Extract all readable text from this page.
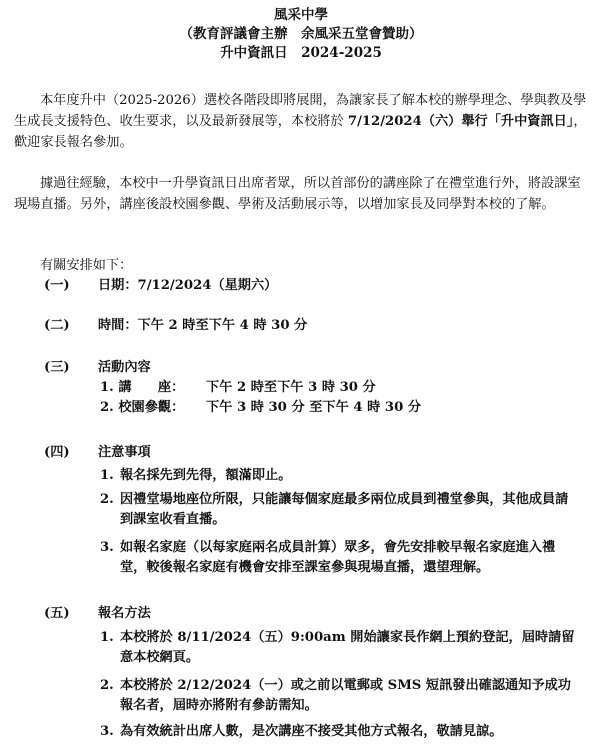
風采中學
（教育評議會主辦　余風采五堂會贊助）
升中資訊日　2024-2025

本年度升中（2025-2026）選校各階段即將展開，為讓家長了解本校的辦學理念、學與教及學生成長支援特色、收生要求，以及最新發展等，本校將於 7/12/2024（六）舉行「升中資訊日」，歡迎家長報名參加。

據過往經驗，本校中一升學資訊日出席者眾，所以首部份的講座除了在禮堂進行外，將設課室現場直播。另外，講座後設校園參觀、學術及活動展示等，以增加家長及同學對本校的了解。

有關安排如下：
(一) 日期：7/12/2024（星期六）
(二) 時間：下午 2 時至下午 4 時 30 分
(三) 活動內容
1. 講　　座： 下午 2 時至下午 3 時 30 分
2. 校園參觀： 下午 3 時 30 分 至下午 4 時 30 分
(四) 注意事項
1. 報名採先到先得，額滿即止。
2. 因禮堂場地座位所限，只能讓每個家庭最多兩位成員到禮堂參與，其他成員請到課室收看直播。
3. 如報名家庭（以每家庭兩名成員計算）眾多，會先安排較早報名家庭進入禮堂，較後報名家庭有機會安排至課室參與現場直播，還望理解。
(五) 報名方法
1. 本校將於 8/11/2024（五）9:00am 開始讓家長作網上預約登記，屆時請留意本校網頁。
2. 本校將於 2/12/2024（一）或之前以電郵或 SMS 短訊發出確認通知予成功報名者，屆時亦將附有參訪需知。
3. 為有效統計出席人數，是次講座不接受其他方式報名，敬請見諒。
